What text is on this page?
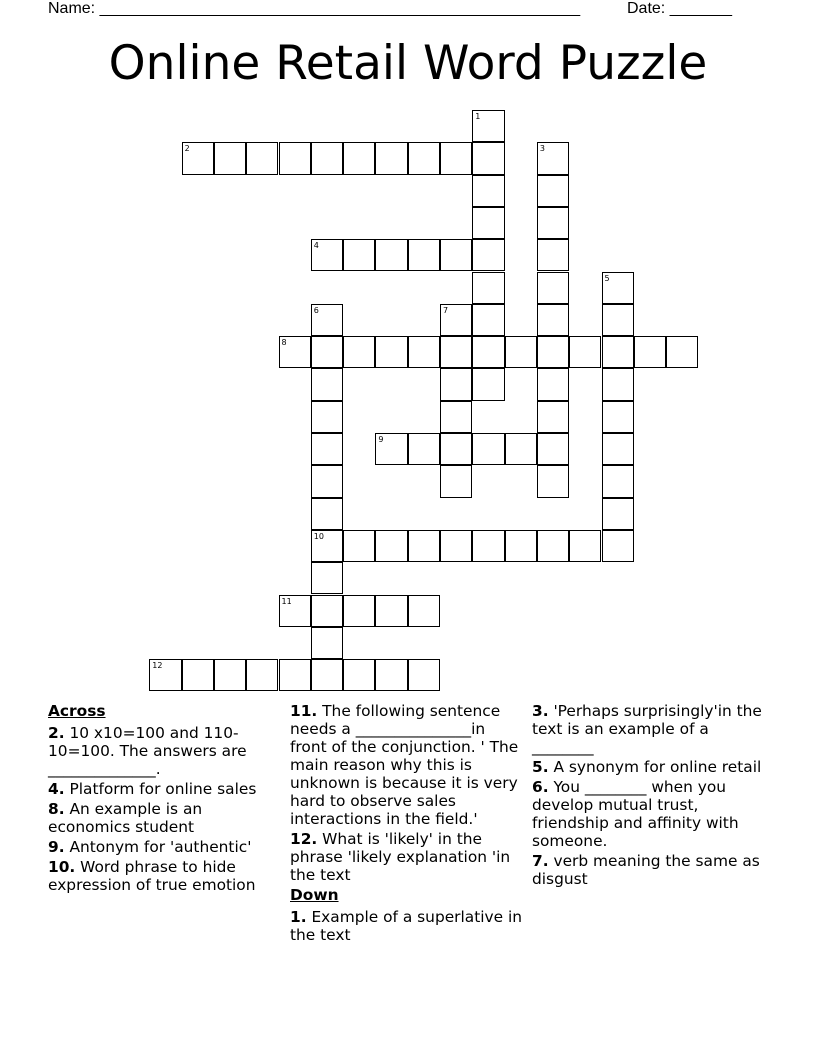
Name: ______________________________________________________	Date: _______
Online Retail Word Puzzle
1
2	3
4
5
6
10
7
8
9
11
12
Across
2. 10 x10=100 and 110-10=100. The answers are ______________.
4. Platform for online sales
8. An example is an economics student
9. Antonym for 'authentic'
10. Word phrase to hide expression of true emotion
11. The following sentence needs a _______________in front of the conjunction. ' The main reason why this is unknown is because it is very hard to observe sales interactions in the field.'
12. What is 'likely' in the phrase 'likely explanation 'in the text
Down
1. Example of a superlative in the text
3. 'Perhaps surprisingly'in the text is an example of a ________
5. A synonym for online retail
6. You ________ when you develop mutual trust, friendship and affinity with someone.
7. verb meaning the same as disgust
